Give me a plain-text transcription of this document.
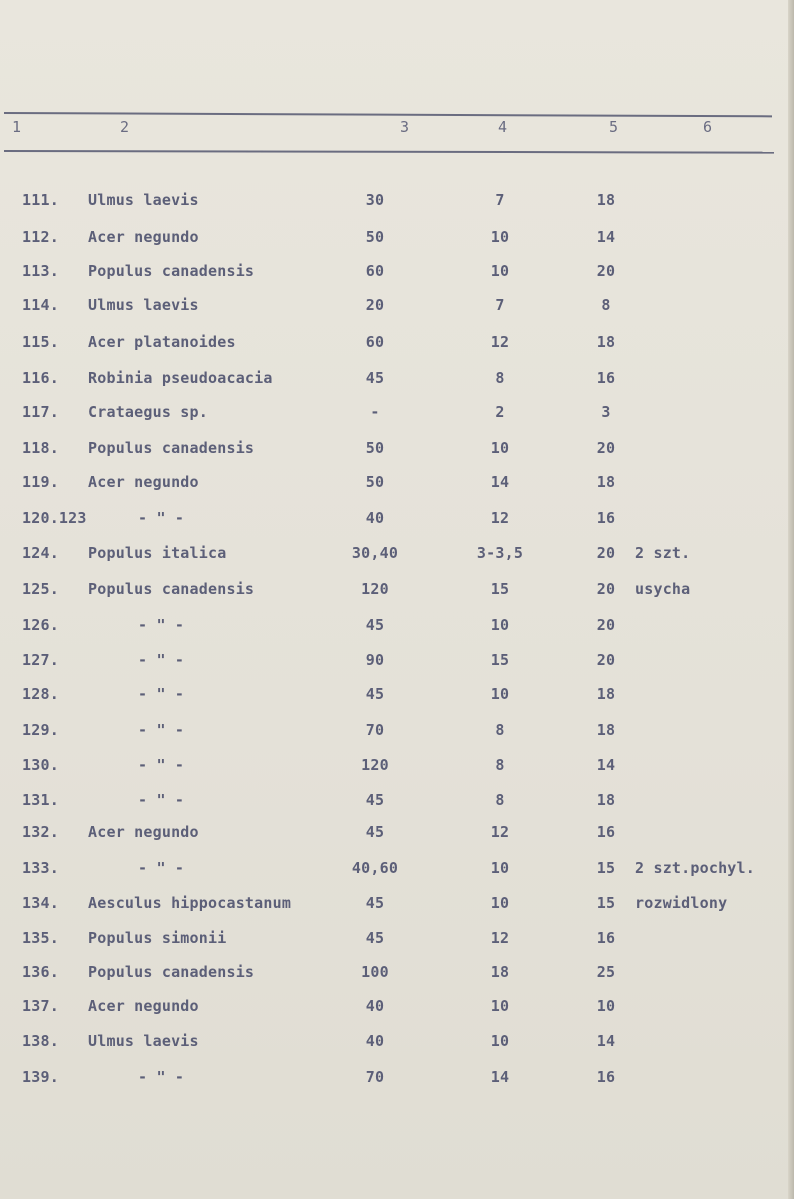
1	2	3	4	5	6
111.	Ulmus laevis	30	7	18
112.	Acer negundo	50	10	14
113.	Populus canadensis	60	10	20
114.	Ulmus laevis	20	7	8
115.	Acer platanoides	60	12	18
116.	Robinia pseudoacacia	45	8	16
117.	Crataegus sp.	-	2	3
118.	Populus canadensis	50	10	20
119.	Acer negundo	50	14	18
120.123	- " -	40	12	16
124.	Populus italica	30,40	3-3,5	20	2 szt.
125.	Populus canadensis	120	15	20	usycha
126.	- " -	45	10	20
127.	- " -	90	15	20
128.	- " -	45	10	18
129.	- " -	70	8	18
130.	- " -	120	8	14
131.	- " -	45	8	18
132.	Acer negundo	45	12	16
133.	- " -	40,60	10	15	2 szt.pochyl.
134.	Aesculus hippocastanum	45	10	15	rozwidlony
135.	Populus simonii	45	12	16
136.	Populus canadensis	100	18	25
137.	Acer negundo	40	10	10
138.	Ulmus laevis	40	10	14
139.	- " -	70	14	16
